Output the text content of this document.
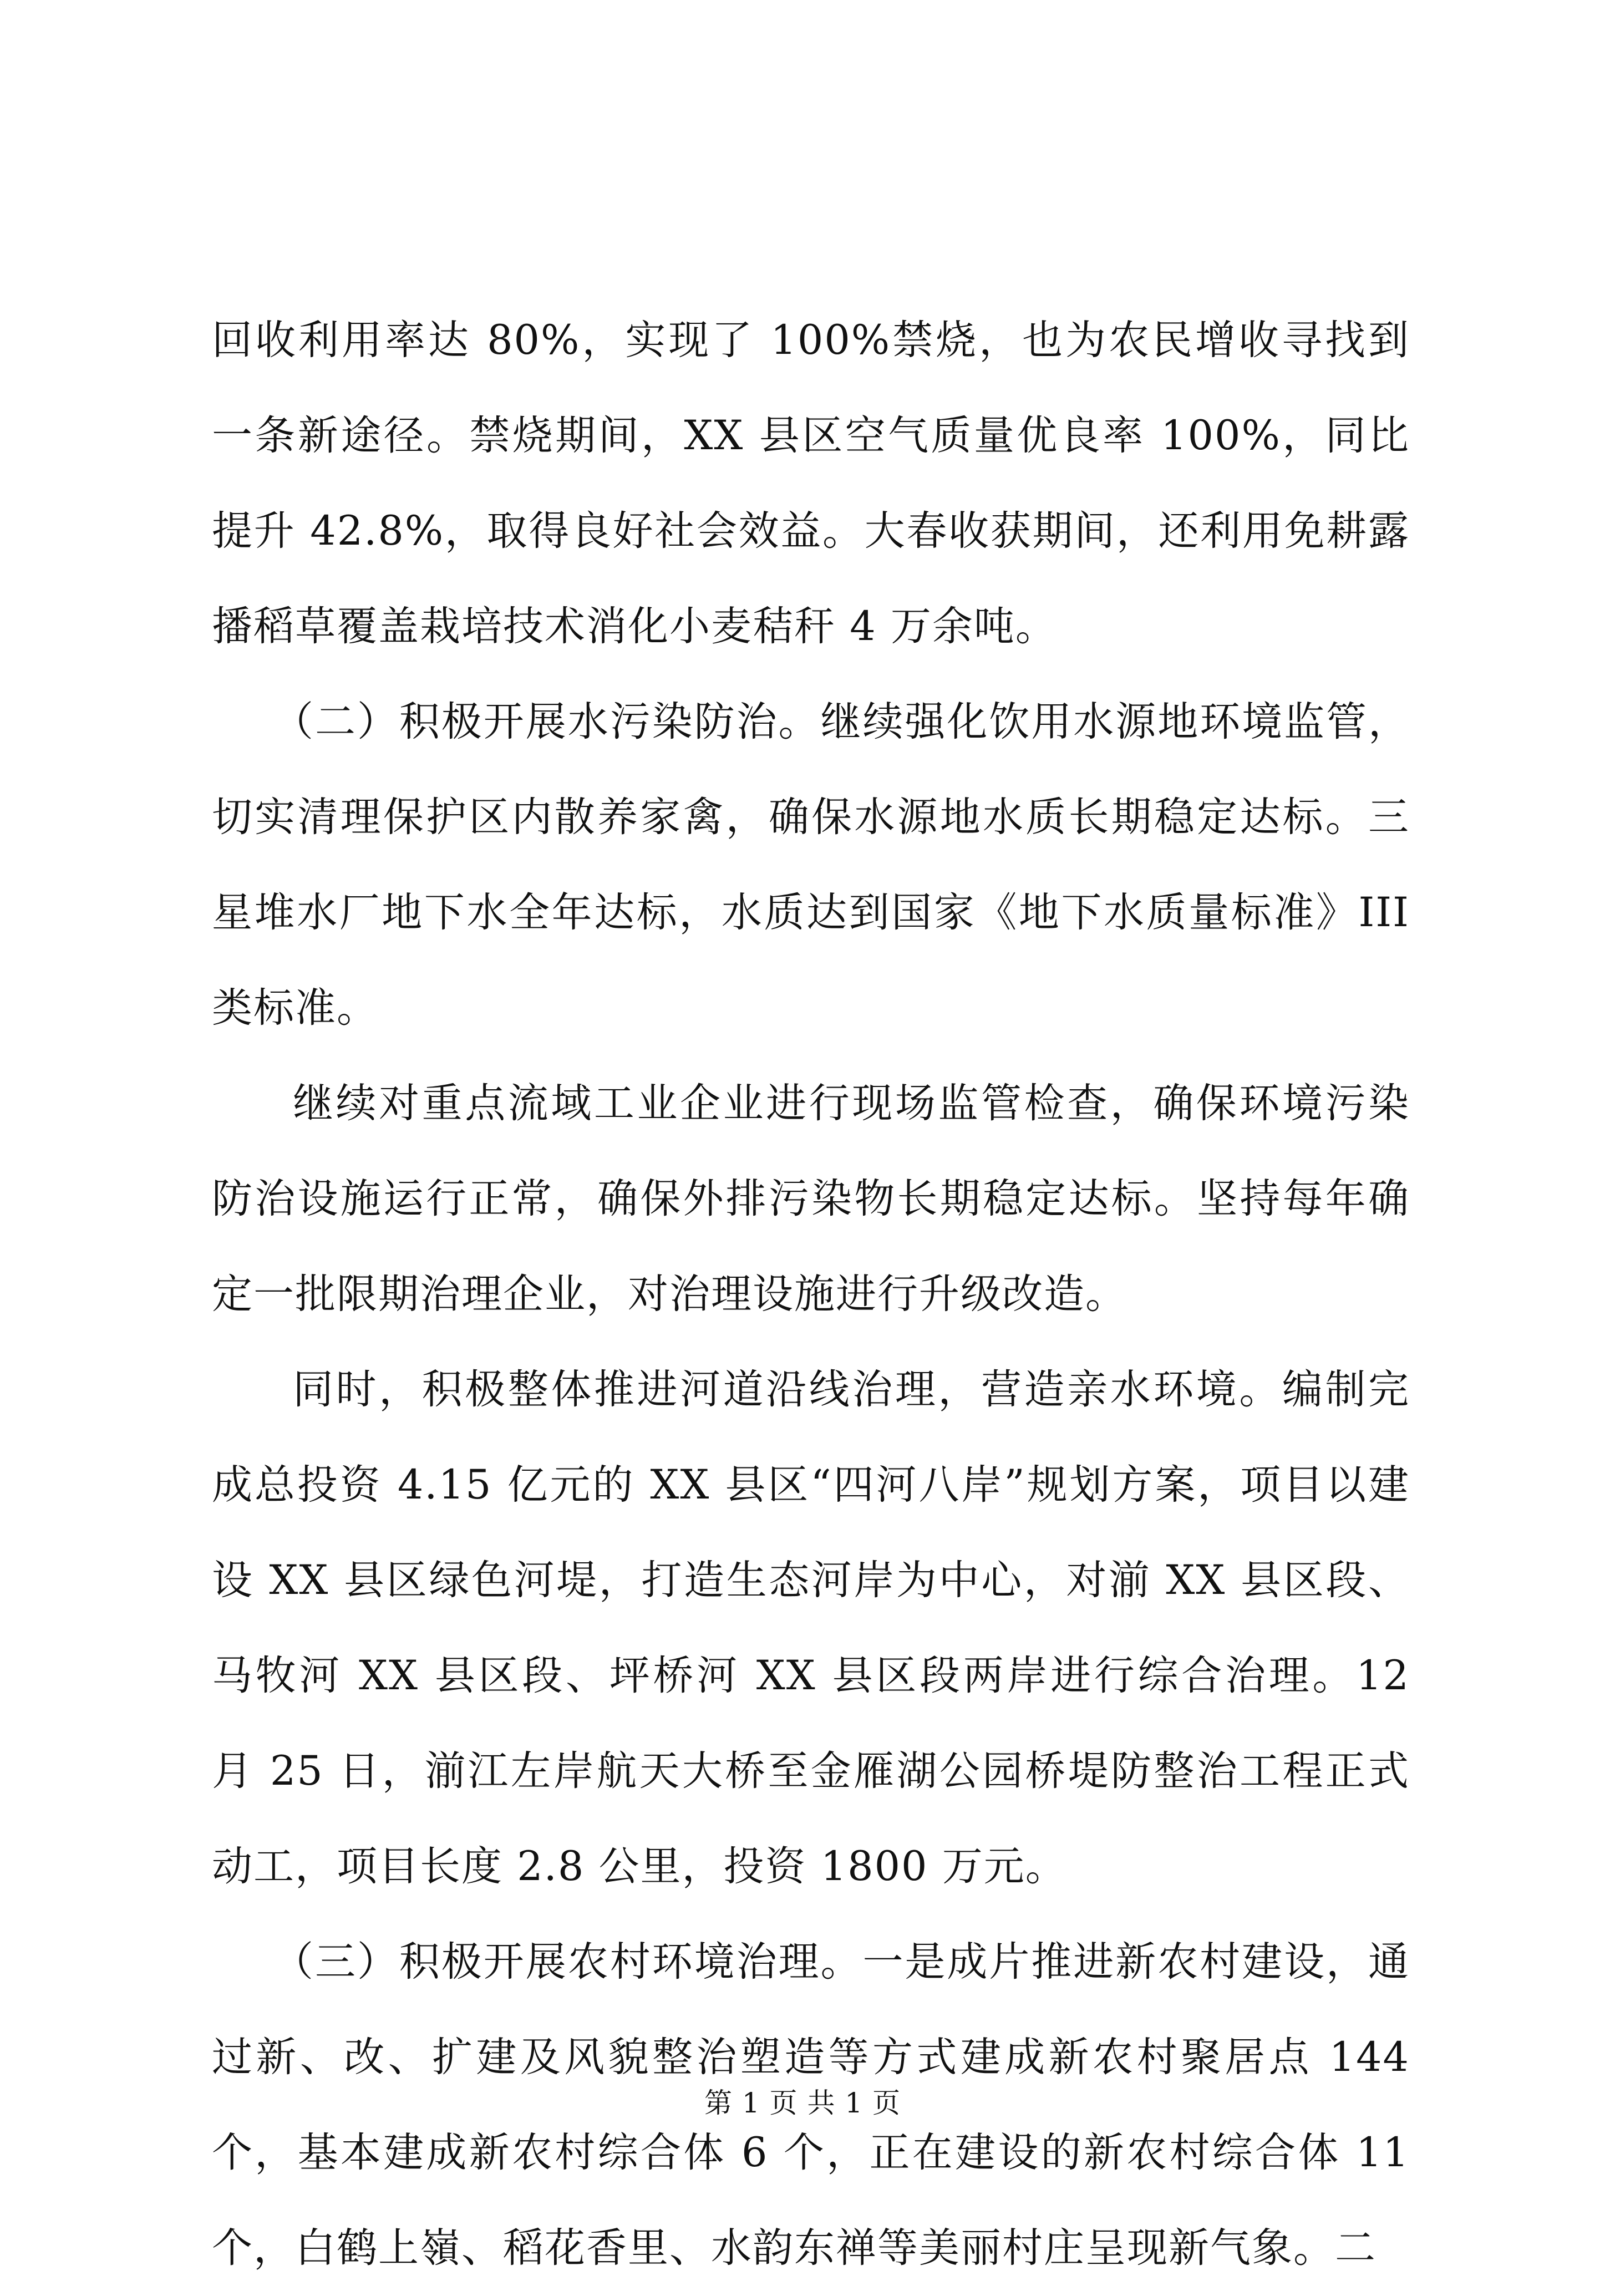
回收利用率达 80%，实现了 100%禁烧，也为农民增收寻找到一条新途径。禁烧期间，XX 县区空气质量优良率 100%，同比提升 42.8%，取得良好社会效益。大春收获期间，还利用免耕露播稻草覆盖栽培技术消化小麦秸秆 4 万余吨。

（二）积极开展水污染防治。继续强化饮用水源地环境监管，切实清理保护区内散养家禽，确保水源地水质长期稳定达标。三星堆水厂地下水全年达标，水质达到国家《地下水质量标准》III 类标准。

继续对重点流域工业企业进行现场监管检查，确保环境污染防治设施运行正常，确保外排污染物长期稳定达标。坚持每年确定一批限期治理企业，对治理设施进行升级改造。

同时，积极整体推进河道沿线治理，营造亲水环境。编制完成总投资 4.15 亿元的 XX 县区“四河八岸”规划方案，项目以建设 XX 县区绿色河堤，打造生态河岸为中心，对湔 XX 县区段、马牧河 XX 县区段、坪桥河 XX 县区段两岸进行综合治理。12 月 25 日，湔江左岸航天大桥至金雁湖公园桥堤防整治工程正式动工，项目长度 2.8 公里，投资 1800 万元。

（三）积极开展农村环境治理。一是成片推进新农村建设，通过新、改、扩建及风貌整治塑造等方式建成新农村聚居点 144 个，基本建成新农村综合体 6 个，正在建设的新农村综合体 11 个，白鹤上嶺、稻花香里、水韵东禅等美丽村庄呈现新气象。二

第 1 页 共 1 页
